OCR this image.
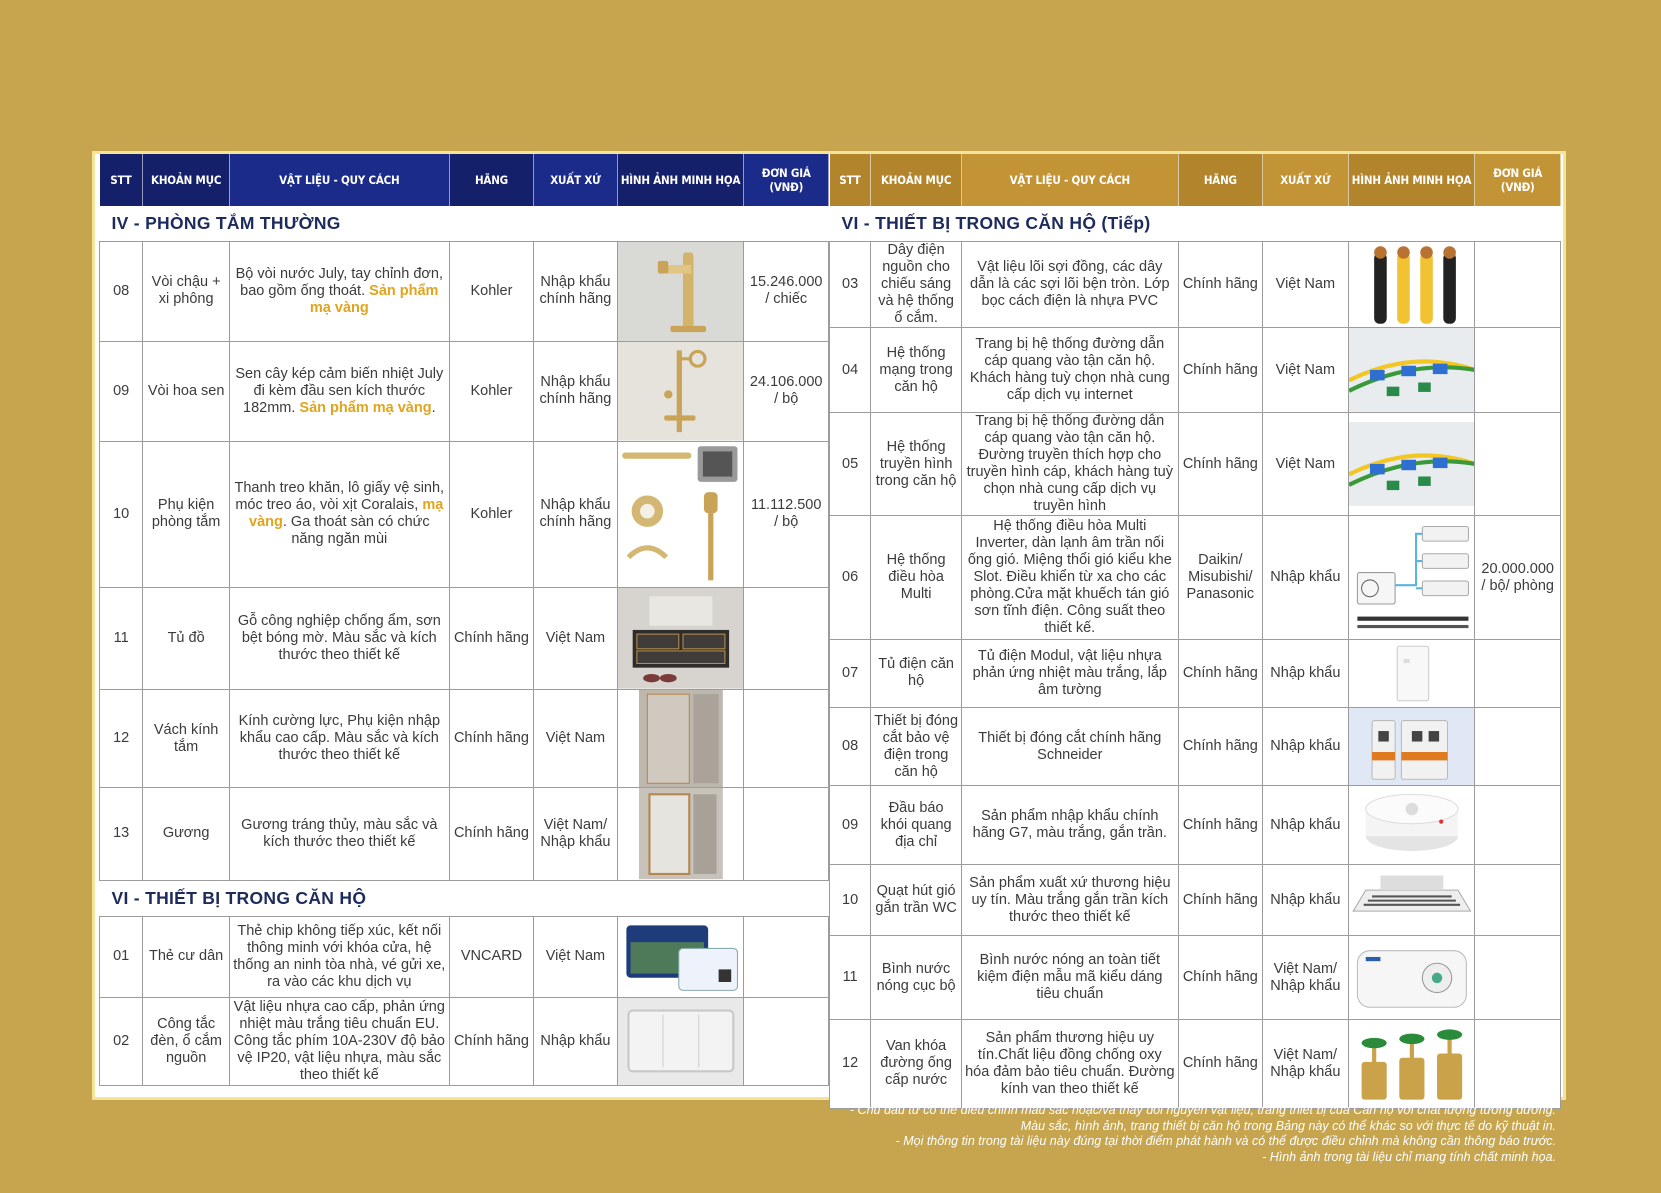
STT	KHOẢN MỤC	VẬT LIỆU - QUY CÁCH	HÃNG	XUẤT XỨ	HÌNH ẢNH MINH HỌA	ĐƠN GIÁ
(VNĐ)
IV - PHÒNG TẮM THƯỜNG						
08	Vòi chậu + xi phông	Bộ vòi nước July, tay chỉnh đơn, bao gồm ống thoát. Sản phẩm mạ vàng	Kohler	Nhập khẩu chính hãng		15.246.000 / chiếc
09	Vòi hoa sen	Sen cây kép cảm biến nhiệt July đi kèm đầu sen kích thước 182mm. Sản phẩm mạ vàng.	Kohler	Nhập khẩu chính hãng		24.106.000 / bộ
10	Phụ kiện phòng tắm	Thanh treo khăn, lô giấy vệ sinh, móc treo áo, vòi xịt Coralais, mạ vàng. Ga thoát sàn có chức năng ngăn mùi	Kohler	Nhập khẩu chính hãng		11.112.500 / bộ
11	Tủ đồ	Gỗ công nghiệp chống ẩm, sơn bệt bóng mờ. Màu sắc và kích thước theo thiết kế	Chính hãng	Việt Nam	

12	Vách kính tắm	Kính cường lực, Phụ kiện nhập khẩu cao cấp. Màu sắc và kích thước theo thiết kế	Chính hãng	Việt Nam	

13	Gương	Gương tráng thủy, màu sắc và kích thước theo thiết kế	Chính hãng	Việt Nam/ Nhập khẩu	

VI - THIẾT BỊ TRONG CĂN HỘ						
01	Thẻ cư dân	Thẻ chip không tiếp xúc, kết nối thông minh với khóa cửa, hệ thống an ninh tòa nhà, vé gửi xe, ra vào các khu dịch vụ	VNCARD	Việt Nam	

02	Công tắc đèn, ổ cắm nguồn	Vật liệu nhựa cao cấp, phản ứng nhiệt màu trắng tiêu chuẩn EU. Công tắc phím 10A-230V độ bảo vệ IP20, vật liệu nhựa, màu sắc theo thiết kế	Chính hãng	Nhập khẩu	

STT	KHOẢN MỤC	VẬT LIỆU - QUY CÁCH	HÃNG	XUẤT XỨ	HÌNH ẢNH MINH HỌA	ĐƠN GIÁ
(VNĐ)
VI - THIẾT BỊ TRONG CĂN HỘ (Tiếp)						
03	Dây điện nguồn cho chiếu sáng và hệ thống ổ cắm.	Vật liệu lõi sợi đồng, các dây dẫn là các sợi lõi bện tròn. Lớp bọc cách điện là nhựa PVC	Chính hãng	Việt Nam	

04	Hệ thống mạng trong căn hộ	Trang bị hệ thống đường dẫn cáp quang vào tận căn hộ. Khách hàng tuỳ chọn nhà cung cấp dịch vụ internet	Chính hãng	Việt Nam	

05	Hệ thống truyền hình trong căn hộ	Trang bị hệ thống đường dẫn cáp quang vào tận căn hộ. Đường truyền thích hợp cho truyền hình cáp, khách hàng tuỳ chọn nhà cung cấp dịch vụ truyền hình	Chính hãng	Việt Nam	

06	Hệ thống điều hòa Multi	Hệ thống điều hòa Multi Inverter, dàn lạnh âm trần nối ống gió. Miệng thổi gió kiểu khe Slot. Điều khiển từ xa cho các phòng.Cửa mặt khuếch tán gió sơn tĩnh điện. Công suất theo thiết kế.	Daikin/ Misubishi/ Panasonic	Nhập khẩu		20.000.000 / bộ/ phòng
07	Tủ điện căn hộ	Tủ điện Modul, vật liệu nhựa phản ứng nhiệt màu trắng, lắp âm tường	Chính hãng	Nhập khẩu	

08	Thiết bị đóng cắt bảo vệ điện trong căn hộ	Thiết bị đóng cắt chính hãng Schneider	Chính hãng	Nhập khẩu	

09	Đầu báo khói quang địa chỉ	Sản phẩm nhập khẩu chính hãng G7, màu trắng, gắn trần.	Chính hãng	Nhập khẩu	

10	Quạt hút gió gắn trần WC	Sản phẩm xuất xứ thương hiệu uy tín. Màu trắng gắn trần kích thước theo thiết kế	Chính hãng	Nhập khẩu	

11	Bình nước nóng cục bộ	Bình nước nóng an toàn tiết kiệm điện mẫu mã kiểu dáng tiêu chuẩn	Chính hãng	Việt Nam/ Nhập khẩu	

12	Van khóa đường ống cấp nước	Sản phẩm thương hiệu uy tín.Chất liệu đồng chống oxy hóa đảm bảo tiêu chuẩn. Đường kính van theo thiết kế	Chính hãng	Việt Nam/ Nhập khẩu	

- Chủ đầu tư có thể điều chỉnh màu sắc hoặc/và thay đổi nguyên vật liệu, trang thiết bị của Căn hộ với chất lượng tương đương.
Màu sắc, hình ảnh, trang thiết bị căn hộ trong Bảng này có thể khác so với thực tế do kỹ thuật in.
- Mọi thông tin trong tài liệu này đúng tại thời điểm phát hành và có thể được điều chỉnh mà không cần thông báo trước.
- Hình ảnh trong tài liệu chỉ mang tính chất minh họa.
